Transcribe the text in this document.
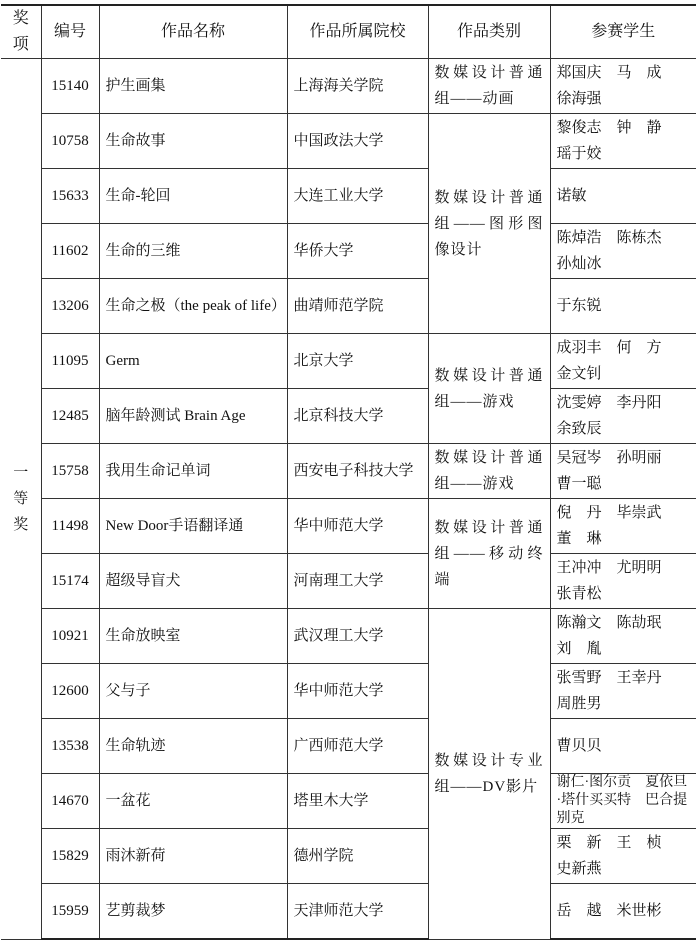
奖项	编号	作品名称	作品所属院校	作品类别	参赛学生
一等奖	15140	护生画集	上海海关学院	数媒设计普通组——动画	郑国庆　马　成　徐海强
	10758	生命故事	中国政法大学	数媒设计普通组——图形图像设计	黎俊志　钟　静　瑶于姣
	15633	生命-轮回	大连工业大学		诺敏
	11602	生命的三维	华侨大学		陈焯浩　陈栋杰　孙灿冰
	13206	生命之极（the peak of life）	曲靖师范学院		于东锐
	11095	Germ	北京大学	数媒设计普通组——游戏	成羽丰　何　方　金文钊
	12485	脑年龄测试 Brain Age	北京科技大学		沈雯婷　李丹阳　余致辰
	15758	我用生命记单词	西安电子科技大学	数媒设计普通组——游戏	吴冠岑　孙明丽　曹一聪
	11498	New Door手语翻译通	华中师范大学	数媒设计普通组——移动终端	倪　丹　毕崇武　董　琳
	15174	超级导盲犬	河南理工大学		王冲冲　尤明明　张青松
	10921	生命放映室	武汉理工大学	数媒设计专业组——DV影片	陈瀚文　陈劼珉　刘　胤
	12600	父与子	华中师范大学		张雪野　王幸丹　周胜男
	13538	生命轨迹	广西师范大学		曹贝贝
	14670	一盆花	塔里木大学		谢仁·图尔贡　夏依旦·塔什买买特　巴合提别克
	15829	雨沐新荷	德州学院		栗　新　王　桢　史新燕
	15959	艺剪裁梦	天津师范大学		岳　越　米世彬
